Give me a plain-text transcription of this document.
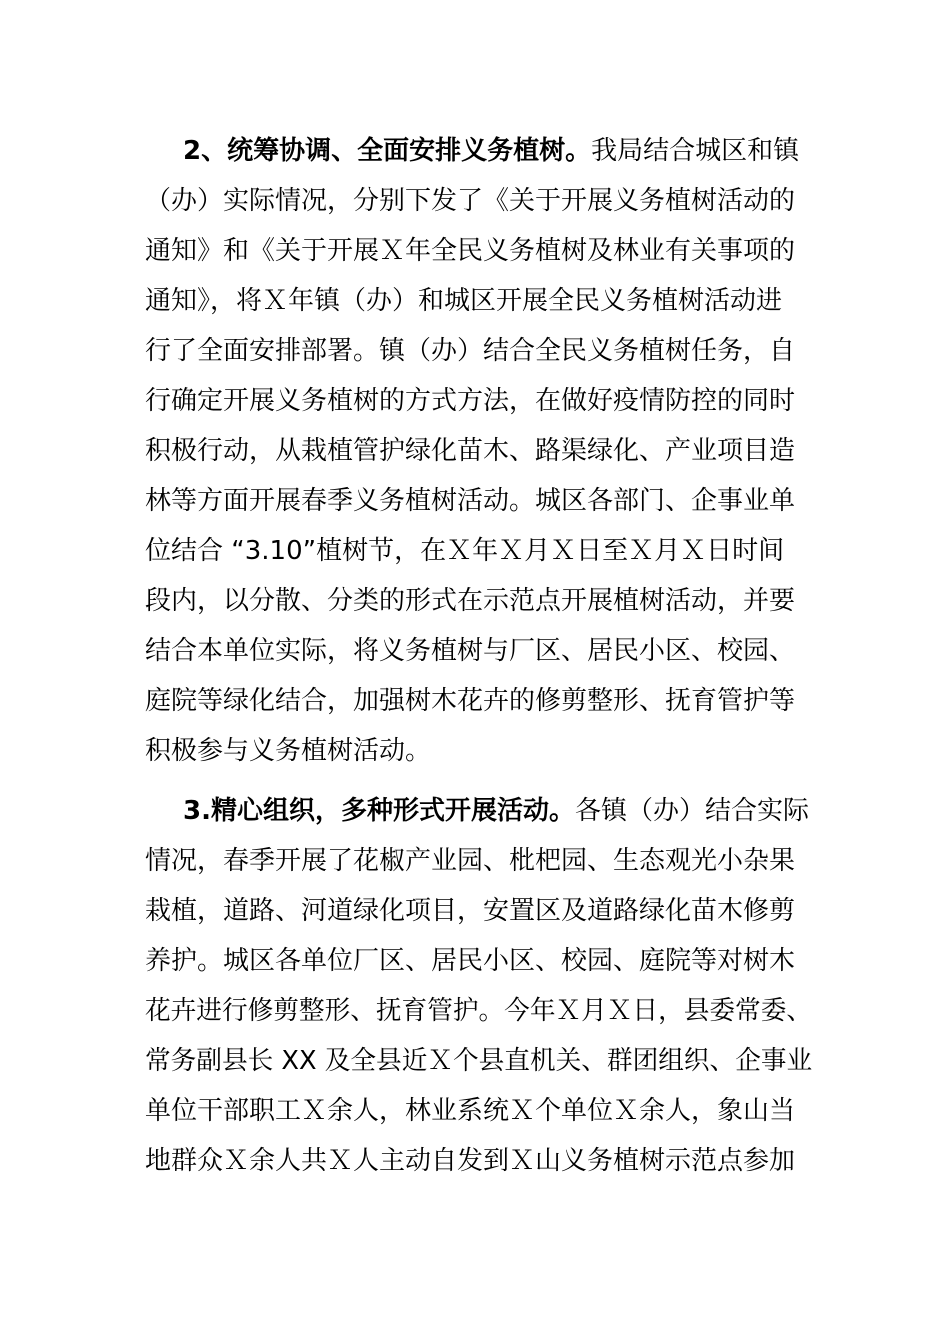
2、统筹协调、全面安排义务植树。我局结合城区和镇
（办）实际情况，分别下发了《关于开展义务植树活动的
通知》和《关于开展Ｘ年全民义务植树及林业有关事项的
通知》，将Ｘ年镇（办）和城区开展全民义务植树活动进
行了全面安排部署。镇（办）结合全民义务植树任务，自
行确定开展义务植树的方式方法，在做好疫情防控的同时
积极行动，从栽植管护绿化苗木、路渠绿化、产业项目造
林等方面开展春季义务植树活动。城区各部门、企事业单
位结合 “3.10”植树节，在Ｘ年Ｘ月Ｘ日至Ｘ月Ｘ日时间
段内，以分散、分类的形式在示范点开展植树活动，并要
结合本单位实际，将义务植树与厂区、居民小区、校园、
庭院等绿化结合，加强树木花卉的修剪整形、抚育管护等
积极参与义务植树活动。
3.精心组织，多种形式开展活动。各镇（办）结合实际
情况，春季开展了花椒产业园、枇杷园、生态观光小杂果
栽植，道路、河道绿化项目，安置区及道路绿化苗木修剪
养护。城区各单位厂区、居民小区、校园、庭院等对树木
花卉进行修剪整形、抚育管护。今年Ｘ月Ｘ日，县委常委、
常务副县长 XX 及全县近Ｘ个县直机关、群团组织、企事业
单位干部职工Ｘ余人，林业系统Ｘ个单位Ｘ余人，象山当
地群众Ｘ余人共Ｘ人主动自发到Ｘ山义务植树示范点参加
